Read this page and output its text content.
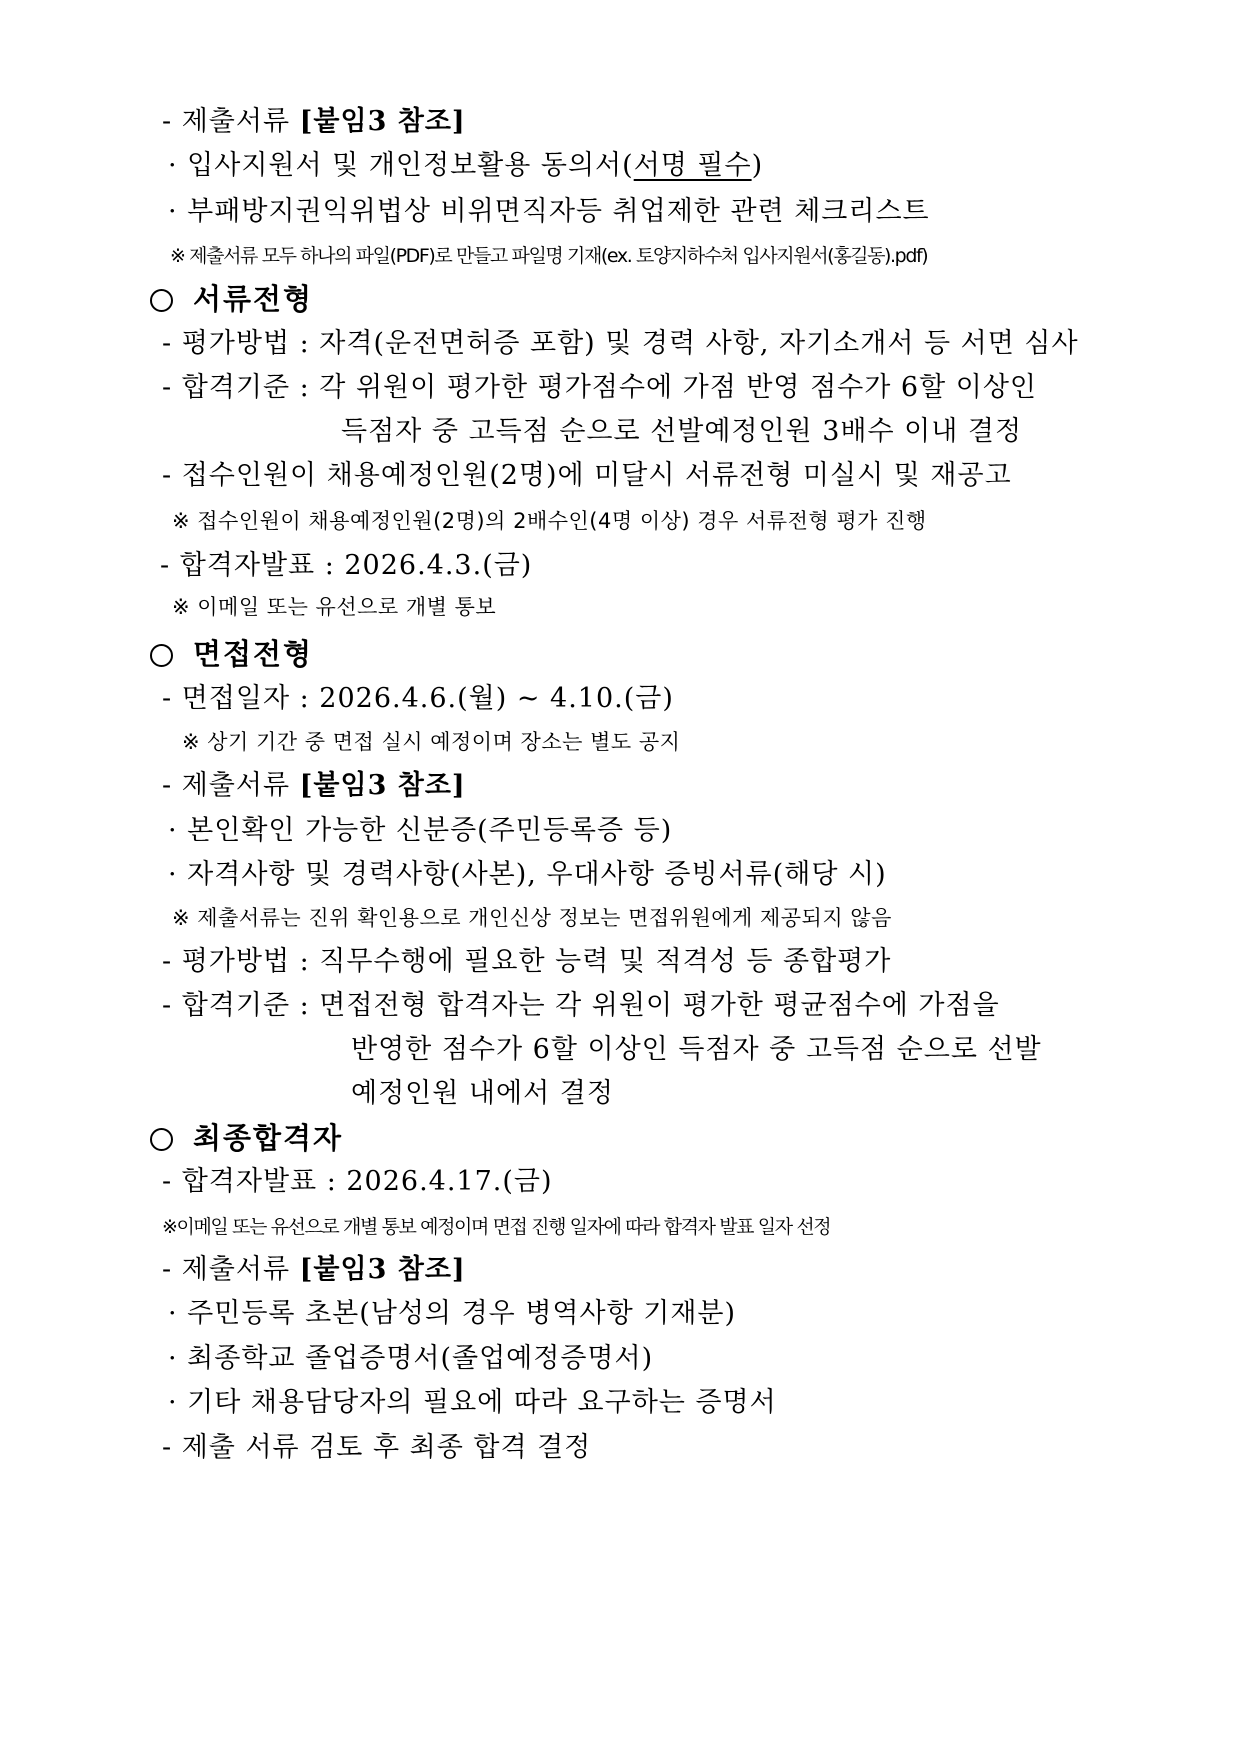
- 제출서류 [붙임3 참조]
· 입사지원서 및 개인정보활용 동의서(서명 필수)
· 부패방지권익위법상 비위면직자등 취업제한 관련 체크리스트
※ 제출서류 모두 하나의 파일(PDF)로 만들고 파일명 기재(ex. 토양지하수처 입사지원서(홍길동).pdf)
서류전형
- 평가방법 : 자격(운전면허증 포함) 및 경력 사항, 자기소개서 등 서면 심사
- 합격기준 : 각 위원이 평가한 평가점수에 가점 반영 점수가 6할 이상인
득점자 중 고득점 순으로 선발예정인원 3배수 이내 결정
- 접수인원이 채용예정인원(2명)에 미달시 서류전형 미실시 및 재공고
※ 접수인원이 채용예정인원(2명)의 2배수인(4명 이상) 경우 서류전형 평가 진행
- 합격자발표 : 2026.4.3.(금)
※ 이메일 또는 유선으로 개별 통보
면접전형
- 면접일자 : 2026.4.6.(월) ~ 4.10.(금)
※ 상기 기간 중 면접 실시 예정이며 장소는 별도 공지
- 제출서류 [붙임3 참조]
· 본인확인 가능한 신분증(주민등록증 등)
· 자격사항 및 경력사항(사본), 우대사항 증빙서류(해당 시)
※ 제출서류는 진위 확인용으로 개인신상 정보는 면접위원에게 제공되지 않음
- 평가방법 : 직무수행에 필요한 능력 및 적격성 등 종합평가
- 합격기준 : 면접전형 합격자는 각 위원이 평가한 평균점수에 가점을
반영한 점수가 6할 이상인 득점자 중 고득점 순으로 선발
예정인원 내에서 결정
최종합격자
- 합격자발표 : 2026.4.17.(금)
※이메일 또는 유선으로 개별 통보 예정이며 면접 진행 일자에 따라 합격자 발표 일자 선정
- 제출서류 [붙임3 참조]
· 주민등록 초본(남성의 경우 병역사항 기재분)
· 최종학교 졸업증명서(졸업예정증명서)
· 기타 채용담당자의 필요에 따라 요구하는 증명서
- 제출 서류 검토 후 최종 합격 결정
